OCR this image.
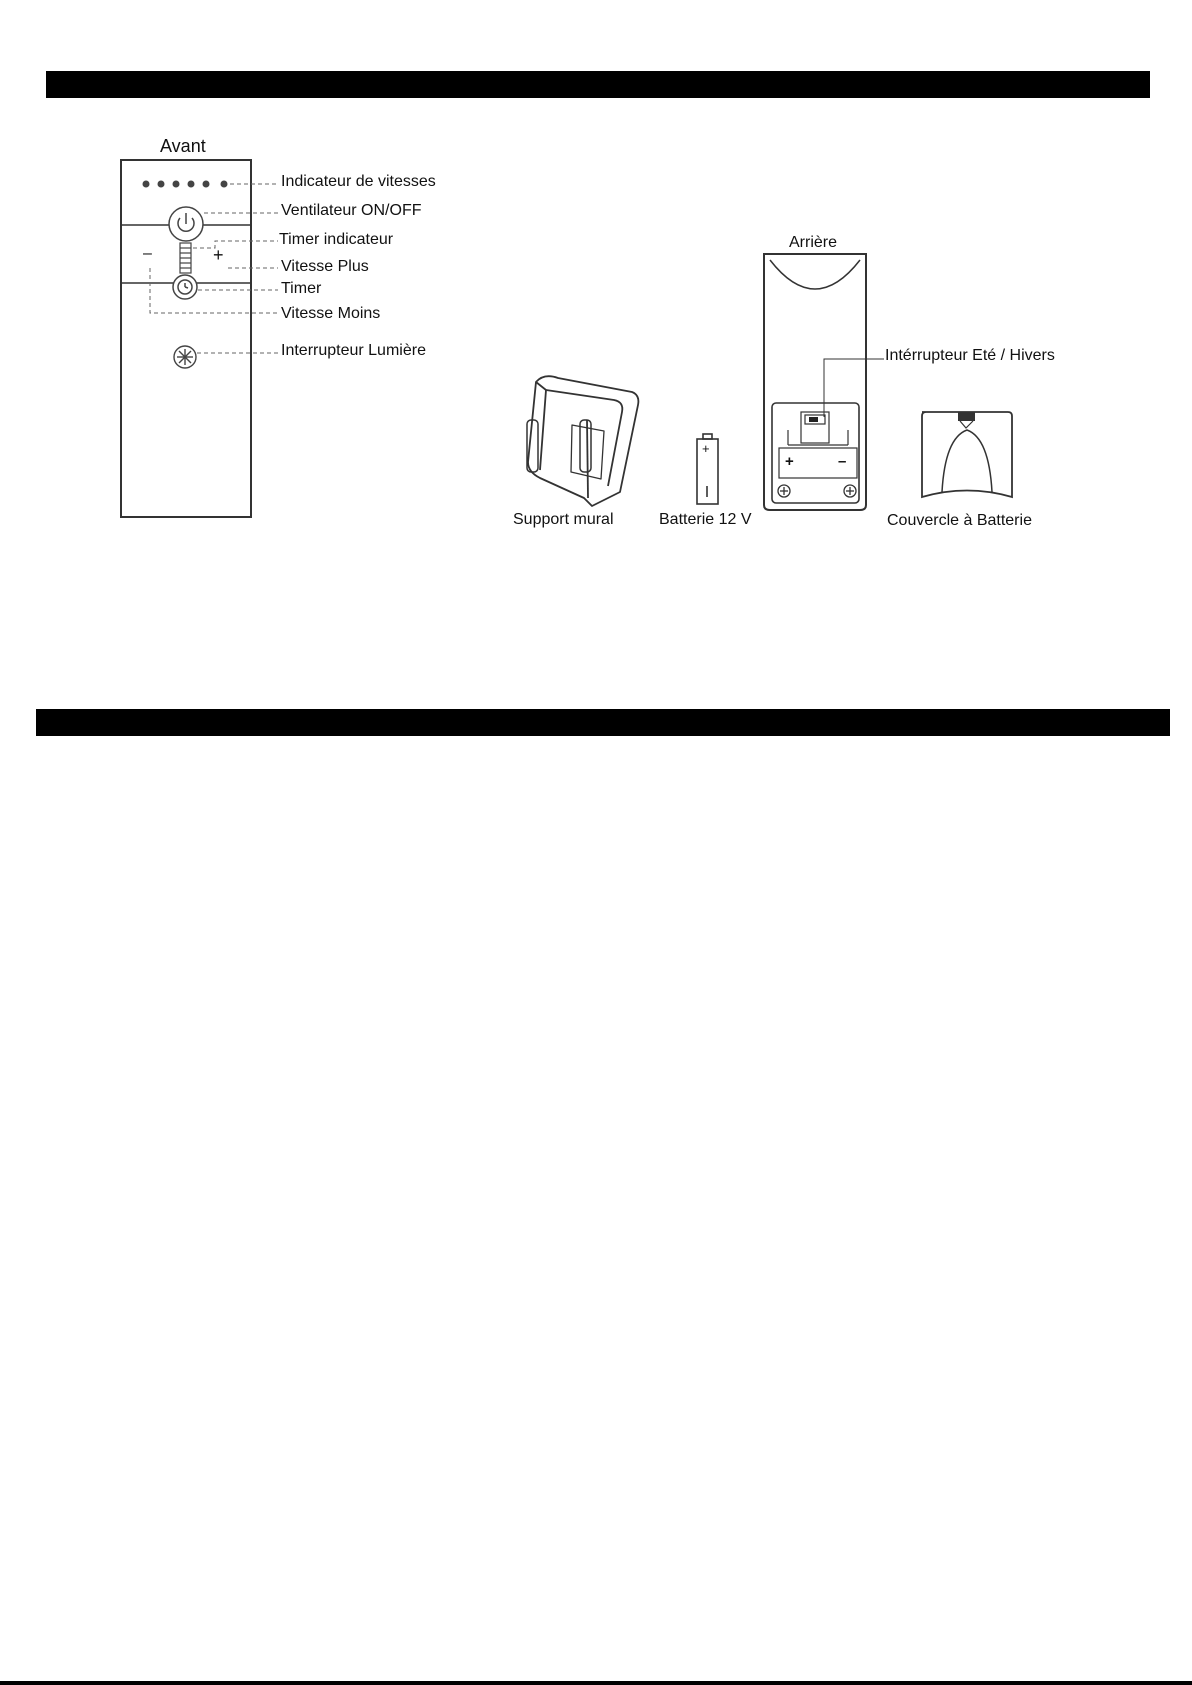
Avant
Indicateur de vitesses
Ventilateur ON/OFF
Timer indicateur
Vitesse Plus
Timer
Vitesse Moins
Interrupteur Lumière
–	+
Arrière
Intérrupteur Eté / Hivers
+	–
+
Support mural	Batterie 12 V	Couvercle à Batterie
